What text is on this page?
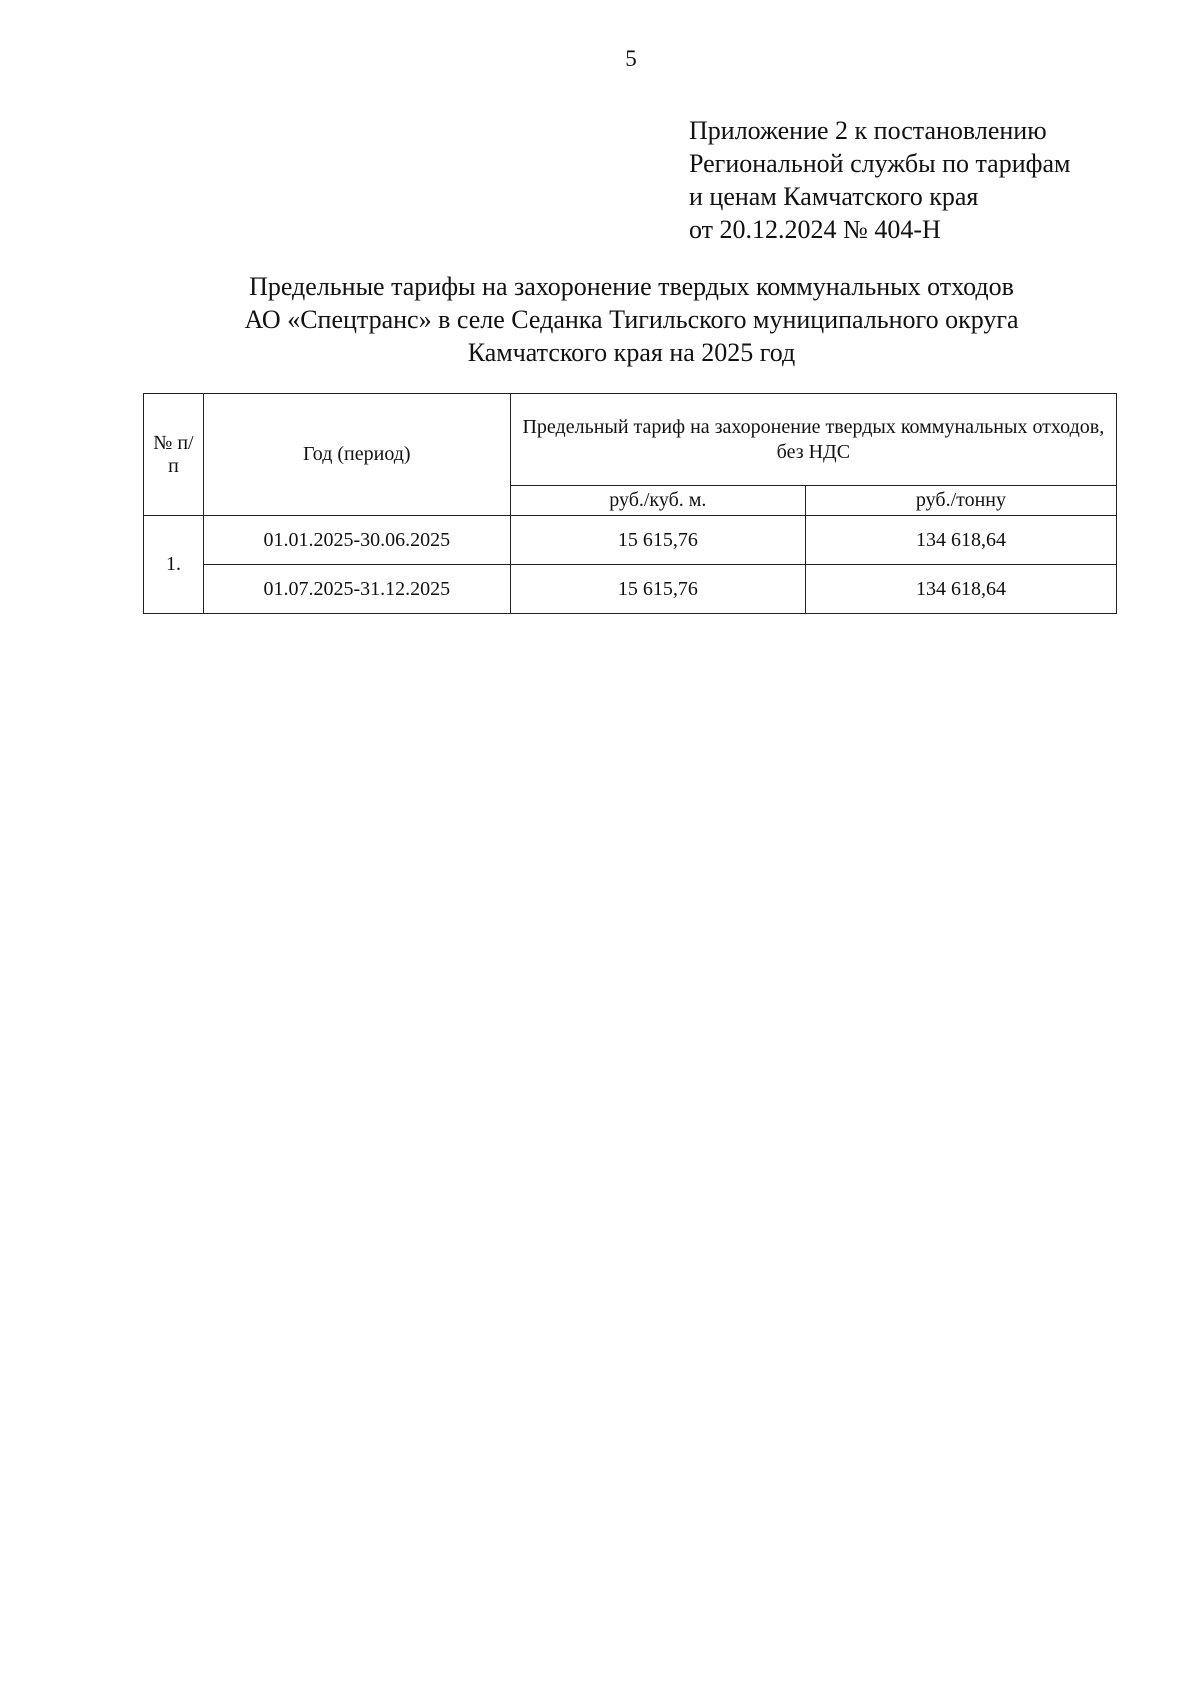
5
Приложение 2 к постановлению
Региональной службы по тарифам
и ценам Камчатского края
от 20.12.2024 № 404-Н
Предельные тарифы на захоронение твердых коммунальных отходов
АО «Спецтранс» в селе Седанка Тигильского муниципального округа
Камчатского края на 2025 год
№ п/п	Год (период)	Предельный тариф на захоронение твердых коммунальных отходов, без НДС	
		руб./куб. м.	руб./тонну
1.	01.01.2025-30.06.2025	15 615,76	134 618,64
	01.07.2025-31.12.2025	15 615,76	134 618,64
